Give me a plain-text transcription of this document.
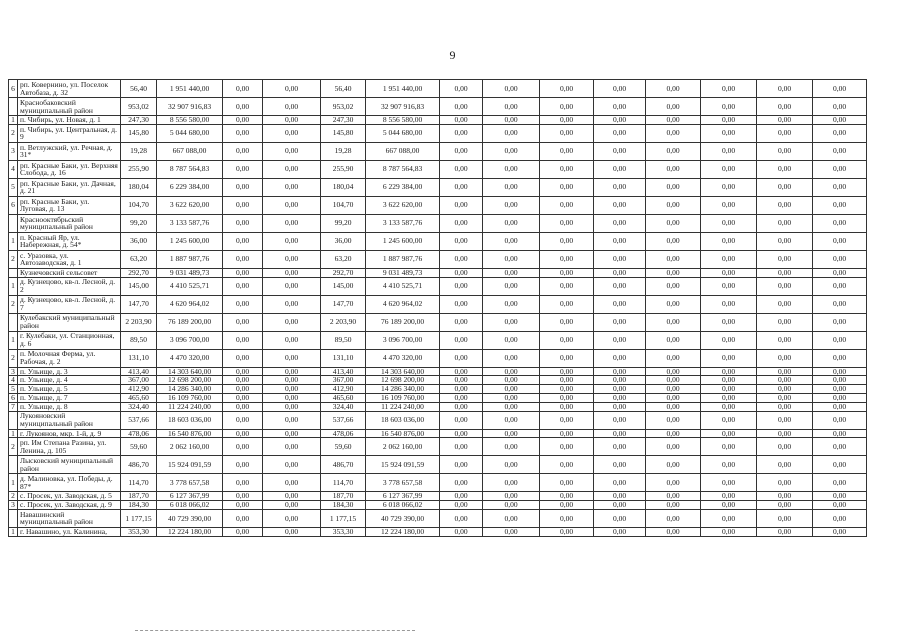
9
6	рп. Ковернино, ул. Поселок Автобаза, д. 32	56,40	1 951 440,00	0,00	0,00	56,40	1 951 440,00	0,00	0,00	0,00	0,00	0,00	0,00	0,00	0,00
	Краснобаковский муниципальный район	953,02	32 907 916,83	0,00	0,00	953,02	32 907 916,83	0,00	0,00	0,00	0,00	0,00	0,00	0,00	0,00
1	п. Чибирь, ул. Новая, д. 1	247,30	8 556 580,00	0,00	0,00	247,30	8 556 580,00	0,00	0,00	0,00	0,00	0,00	0,00	0,00	0,00
2	п. Чибирь, ул. Центральная, д. 9	145,80	5 044 680,00	0,00	0,00	145,80	5 044 680,00	0,00	0,00	0,00	0,00	0,00	0,00	0,00	0,00
3	п. Ветлужский, ул. Речная, д. 31*	19,28	667 088,00	0,00	0,00	19,28	667 088,00	0,00	0,00	0,00	0,00	0,00	0,00	0,00	0,00
4	рп. Красные Баки, ул. Верхняя Слобода, д. 16	255,90	8 787 564,83	0,00	0,00	255,90	8 787 564,83	0,00	0,00	0,00	0,00	0,00	0,00	0,00	0,00
5	рп. Красные Баки, ул. Дачная, д. 21	180,04	6 229 384,00	0,00	0,00	180,04	6 229 384,00	0,00	0,00	0,00	0,00	0,00	0,00	0,00	0,00
6	рп. Красные Баки, ул. Луговая, д. 13	104,70	3 622 620,00	0,00	0,00	104,70	3 622 620,00	0,00	0,00	0,00	0,00	0,00	0,00	0,00	0,00
	Краснооктябрьский муниципальный район	99,20	3 133 587,76	0,00	0,00	99,20	3 133 587,76	0,00	0,00	0,00	0,00	0,00	0,00	0,00	0,00
1	п. Красный Яр, ул. Набережная, д. 54*	36,00	1 245 600,00	0,00	0,00	36,00	1 245 600,00	0,00	0,00	0,00	0,00	0,00	0,00	0,00	0,00
2	с. Уразовка, ул. Автозаводская, д. 1	63,20	1 887 987,76	0,00	0,00	63,20	1 887 987,76	0,00	0,00	0,00	0,00	0,00	0,00	0,00	0,00
	Кузнечовский сельсовет	292,70	9 031 489,73	0,00	0,00	292,70	9 031 489,73	0,00	0,00	0,00	0,00	0,00	0,00	0,00	0,00
1	д. Кузнецово, кв-л. Лесной, д. 2	145,00	4 410 525,71	0,00	0,00	145,00	4 410 525,71	0,00	0,00	0,00	0,00	0,00	0,00	0,00	0,00
2	д. Кузнецово, кв-л. Лесной, д. 7	147,70	4 620 964,02	0,00	0,00	147,70	4 620 964,02	0,00	0,00	0,00	0,00	0,00	0,00	0,00	0,00
	Кулебакский муниципальный район	2 203,90	76 189 200,00	0,00	0,00	2 203,90	76 189 200,00	0,00	0,00	0,00	0,00	0,00	0,00	0,00	0,00
1	г. Кулебаки, ул. Станционная, д. 6	89,50	3 096 700,00	0,00	0,00	89,50	3 096 700,00	0,00	0,00	0,00	0,00	0,00	0,00	0,00	0,00
2	п. Молочная Ферма, ул. Рабочая, д. 2	131,10	4 470 320,00	0,00	0,00	131,10	4 470 320,00	0,00	0,00	0,00	0,00	0,00	0,00	0,00	0,00
3	п. Ульище, д. 3	413,40	14 303 640,00	0,00	0,00	413,40	14 303 640,00	0,00	0,00	0,00	0,00	0,00	0,00	0,00	0,00
4	п. Ульище, д. 4	367,00	12 698 200,00	0,00	0,00	367,00	12 698 200,00	0,00	0,00	0,00	0,00	0,00	0,00	0,00	0,00
5	п. Ульище, д. 5	412,90	14 286 340,00	0,00	0,00	412,90	14 286 340,00	0,00	0,00	0,00	0,00	0,00	0,00	0,00	0,00
6	п. Ульище, д. 7	465,60	16 109 760,00	0,00	0,00	465,60	16 109 760,00	0,00	0,00	0,00	0,00	0,00	0,00	0,00	0,00
7	п. Ульище, д. 8	324,40	11 224 240,00	0,00	0,00	324,40	11 224 240,00	0,00	0,00	0,00	0,00	0,00	0,00	0,00	0,00
	Лукояновский муниципальный район	537,66	18 603 036,00	0,00	0,00	537,66	18 603 036,00	0,00	0,00	0,00	0,00	0,00	0,00	0,00	0,00
1	г. Лукоянов, мкр. 1-й, д. 9	478,06	16 540 876,00	0,00	0,00	478,06	16 540 876,00	0,00	0,00	0,00	0,00	0,00	0,00	0,00	0,00
2	рп. Им Степана Разина, ул. Ленина, д. 105	59,60	2 062 160,00	0,00	0,00	59,60	2 062 160,00	0,00	0,00	0,00	0,00	0,00	0,00	0,00	0,00
	Лысковский муниципальный район	486,70	15 924 091,59	0,00	0,00	486,70	15 924 091,59	0,00	0,00	0,00	0,00	0,00	0,00	0,00	0,00
1	д. Малиновка, ул. Победы, д. 87*	114,70	3 778 657,58	0,00	0,00	114,70	3 778 657,58	0,00	0,00	0,00	0,00	0,00	0,00	0,00	0,00
2	с. Просек, ул. Заводская, д. 5	187,70	6 127 367,99	0,00	0,00	187,70	6 127 367,99	0,00	0,00	0,00	0,00	0,00	0,00	0,00	0,00
3	с. Просек, ул. Заводская, д. 9	184,30	6 018 066,02	0,00	0,00	184,30	6 018 066,02	0,00	0,00	0,00	0,00	0,00	0,00	0,00	0,00
	Навашинский муниципальный район	1 177,15	40 729 390,00	0,00	0,00	1 177,15	40 729 390,00	0,00	0,00	0,00	0,00	0,00	0,00	0,00	0,00
1	г. Навашино, ул. Калинина,	353,30	12 224 180,00	0,00	0,00	353,30	12 224 180,00	0,00	0,00	0,00	0,00	0,00	0,00	0,00	0,00
